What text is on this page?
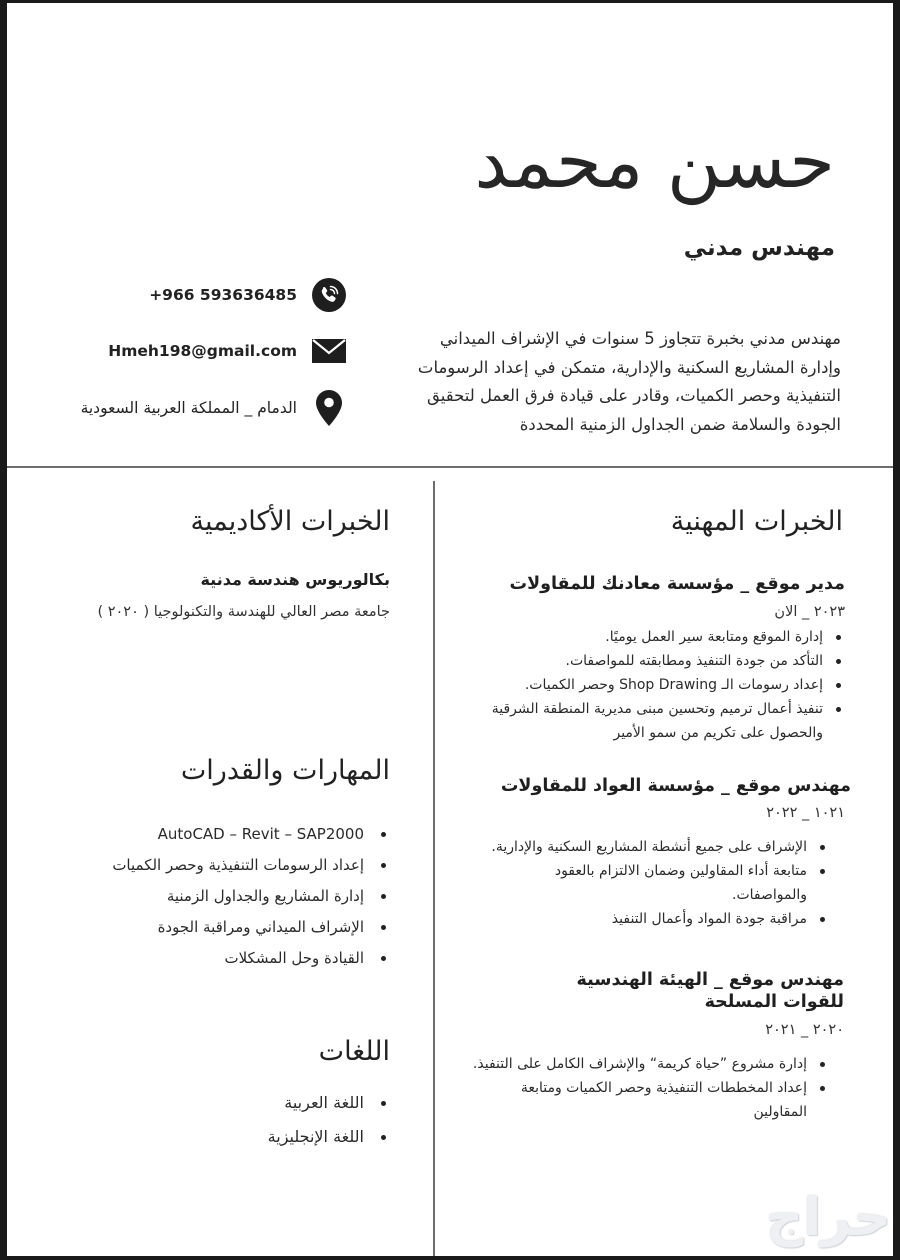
حسن محمد
مهندس مدني
مهندس مدني بخبرة تتجاوز 5 سنوات في الإشراف الميداني وإدارة المشاريع السكنية والإدارية، متمكن في إعداد الرسومات التنفيذية وحصر الكميات، وقادر على قيادة فرق العمل لتحقيق الجودة والسلامة ضمن الجداول الزمنية المحددة
+966 593636485
Hmeh198@gmail.com
الدمام _ المملكة العربية السعودية
الخبرات المهنية
مدير موقع _ مؤسسة معادنك للمقاولات
٢٠٢٣ _ الان
إدارة الموقع ومتابعة سير العمل يوميًا.
التأكد من جودة التنفيذ ومطابقته للمواصفات.
إعداد رسومات الـ Shop Drawing وحصر الكميات.
تنفيذ أعمال ترميم وتحسين مبنى مديرية المنطقة الشرقية والحصول على تكريم من سمو الأمير
مهندس موقع _ مؤسسة العواد للمقاولات
١٠٢١ _ ٢٠٢٢
الإشراف على جميع أنشطة المشاريع السكنية والإدارية.
متابعة أداء المقاولين وضمان الالتزام بالعقود والمواصفات.
مراقبة جودة المواد وأعمال التنفيذ
مهندس موقع _ الهيئة الهندسية للقوات المسلحة
٢٠٢٠ _ ٢٠٢١
إدارة مشروع ”حياة كريمة“ والإشراف الكامل على التنفيذ.
إعداد المخططات التنفيذية وحصر الكميات ومتابعة المقاولين
الخبرات الأكاديمية
بكالوريوس هندسة مدنية
جامعة مصر العالي للهندسة والتكنولوجيا ( ٢٠٢٠ )
المهارات والقدرات
AutoCAD – Revit – SAP2000
إعداد الرسومات التنفيذية وحصر الكميات
إدارة المشاريع والجداول الزمنية
الإشراف الميداني ومراقبة الجودة
القيادة وحل المشكلات
اللغات
اللغة العربية
اللغة الإنجليزية
حراج
